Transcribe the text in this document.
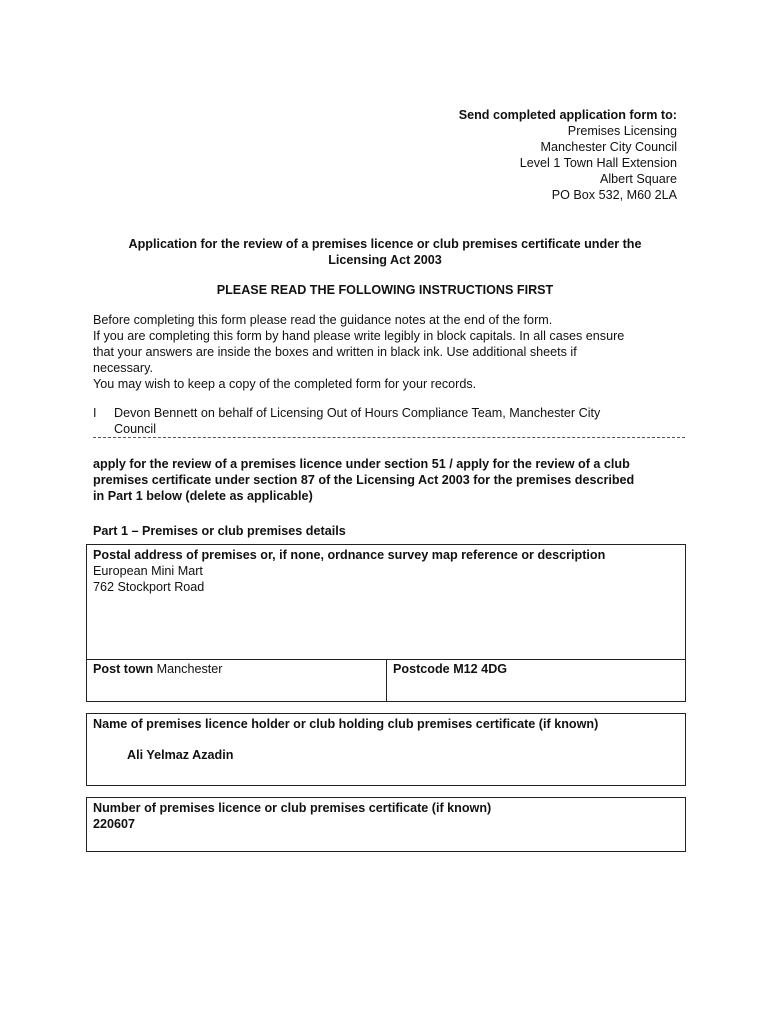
Send completed application form to:
Premises Licensing
Manchester City Council
Level 1 Town Hall Extension
Albert Square
PO Box 532, M60 2LA
Application for the review of a premises licence or club premises certificate under the
Licensing Act 2003
PLEASE READ THE FOLLOWING INSTRUCTIONS FIRST

Before completing this form please read the guidance notes at the end of the form.

If you are completing this form by hand please write legibly in block capitals. In all cases ensure

that your answers are inside the boxes and written in black ink. Use additional sheets if

necessary.

You may wish to keep a copy of the completed form for your records.

I Devon Bennett on behalf of Licensing Out of Hours Compliance Team, Manchester City
Council
apply for the review of a premises licence under section 51 / apply for the review of a club
premises certificate under section 87 of the Licensing Act 2003 for the premises described
in Part 1 below (delete as applicable)
Part 1 – Premises or club premises details
Postal address of premises or, if none, ordnance survey map reference or description
European Mini Mart
762 Stockport Road
Post town Manchester	Postcode M12 4DG
Name of premises licence holder or club holding club premises certificate (if known)
Ali Yelmaz Azadin
Number of premises licence or club premises certificate (if known)
220607
